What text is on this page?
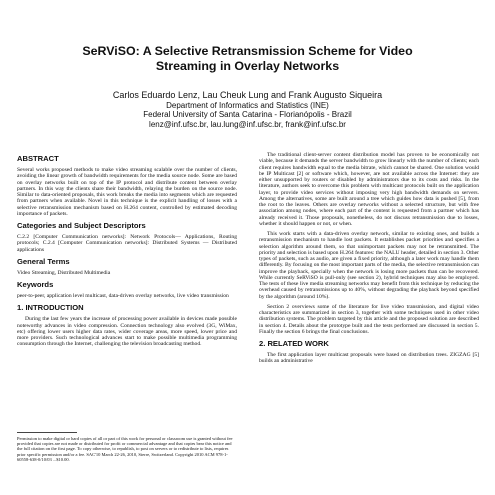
SeRViSO: A Selective Retransmission Scheme for Video
Streaming in Overlay Networks
Carlos Eduardo Lenz, Lau Cheuk Lung and Frank Augusto Siqueira
Department of Informatics and Statistics (INE)
Federal University of Santa Catarina - Florianópolis - Brazil
lenz@inf.ufsc.br, lau.lung@inf.ufsc.br, frank@inf.ufsc.br
ABSTRACT

Several works proposed methods to make video streaming scalable over the number of clients, avoiding the linear growth of bandwidth requirements for the media source node. Some are based on overlay networks built on top of the IP protocol and distribute content between overlay partners. In this way the clients share their bandwidth, relaying the burden on the source node. Similar to data-oriented proposals, this work breaks the media into segments which are requested from partners when available. Novel in this technique is the explicit handling of losses with a selective retransmission mechanism based on H.264 content, controlled by estimated decoding importance of packets.

Categories and Subject Descriptors

C.2.2 [Computer Communication networks]: Network Protocols— Applications, Routing protocols; C.2.4 [Computer Communication networks]: Distributed Systems — Distributed applications

General Terms

Video Streaming, Distributed Multimedia

Keywords

peer-to-peer, application level multicast, data-driven overlay networks, live video transmission

1. INTRODUCTION

During the last few years the increase of processing power available in devices made possible noteworthy advances in video compression. Connection technology also evolved (3G, WiMax, etc) offering lower users higher data rates, wider coverage areas, more speed, lower price and more providers. Such technological advances start to make possible multimedia programming consumption through the Internet, challenging the television broadcasting method.

Permission to make digital or hard copies of all or part of this work for personal or classroom use is granted without fee provided that copies are not made or distributed for profit or commercial advantage and that copies bear this notice and the full citation on the first page. To copy otherwise, to republish, to post on servers or to redistribute to lists, requires prior specific permission and/or a fee. SAC'10 March 22-26, 2010, Sierre, Switzerland. Copyright 2010 ACM 978-1-60558-638-0/10/03 ...$10.00.

The traditional client-server content distribution model has proven to be economically not viable, because it demands the server bandwidth to grow linearly with the number of clients; each client requires bandwidth equal to the media bitrate, which cannot be shared. One solution would be IP Multicast [2] or software which, however, are not available across the Internet: they are either unsupported by routers or disabled by administrators due to its costs and risks. In the literature, authors seek to overcome this problem with multicast protocols built on the application layer, to provide video services without imposing very high bandwidth demands on servers. Among the alternatives, some are built around a tree which guides how data is pushed [5], from the root to the leaves. Others are overlay networks without a selected structure, but with free association among nodes, where each part of the content is requested from a partner which has already received it. Those proposals, nonetheless, do not discuss retransmission due to losses, whether it should happen or not, or when.

This work starts with a data-driven overlay network, similar to existing ones, and builds a retransmission mechanism to handle lost packets. It establishes packet priorities and specifies a selection algorithm around them, so that unimportant packets may not be retransmitted. The priority and selection is based upon H.264 features: the NALU header, detailed in section 3. Other types of packets, such as audio, are given a fixed priority, although a later work may handle them differently. By focusing on the most important parts of the media, the selective retransmission can improve the playback, specially when the network is losing more packets than can be recovered. While currently SeRViSO is pull-only (see section 2), hybrid techniques may also be employed. The tests of these live media streaming networks may benefit from this technique by reducing the overhead caused by retransmissions up to 40%, without degrading the playback beyond specified by the algorithm (around 10%).

Section 2 overviews some of the literature for live video transmission, and digital video characteristics are summarized in section 3, together with some techniques used in other video distribution systems. The problem targeted by this article and the proposed solution are described in section 4. Details about the prototype built and the tests performed are discussed in section 5. Finally the section 6 brings the final conclusions.

2. RELATED WORK

The first application layer multicast proposals were based on distribution trees. ZIGZAG [5] builds an administrative
